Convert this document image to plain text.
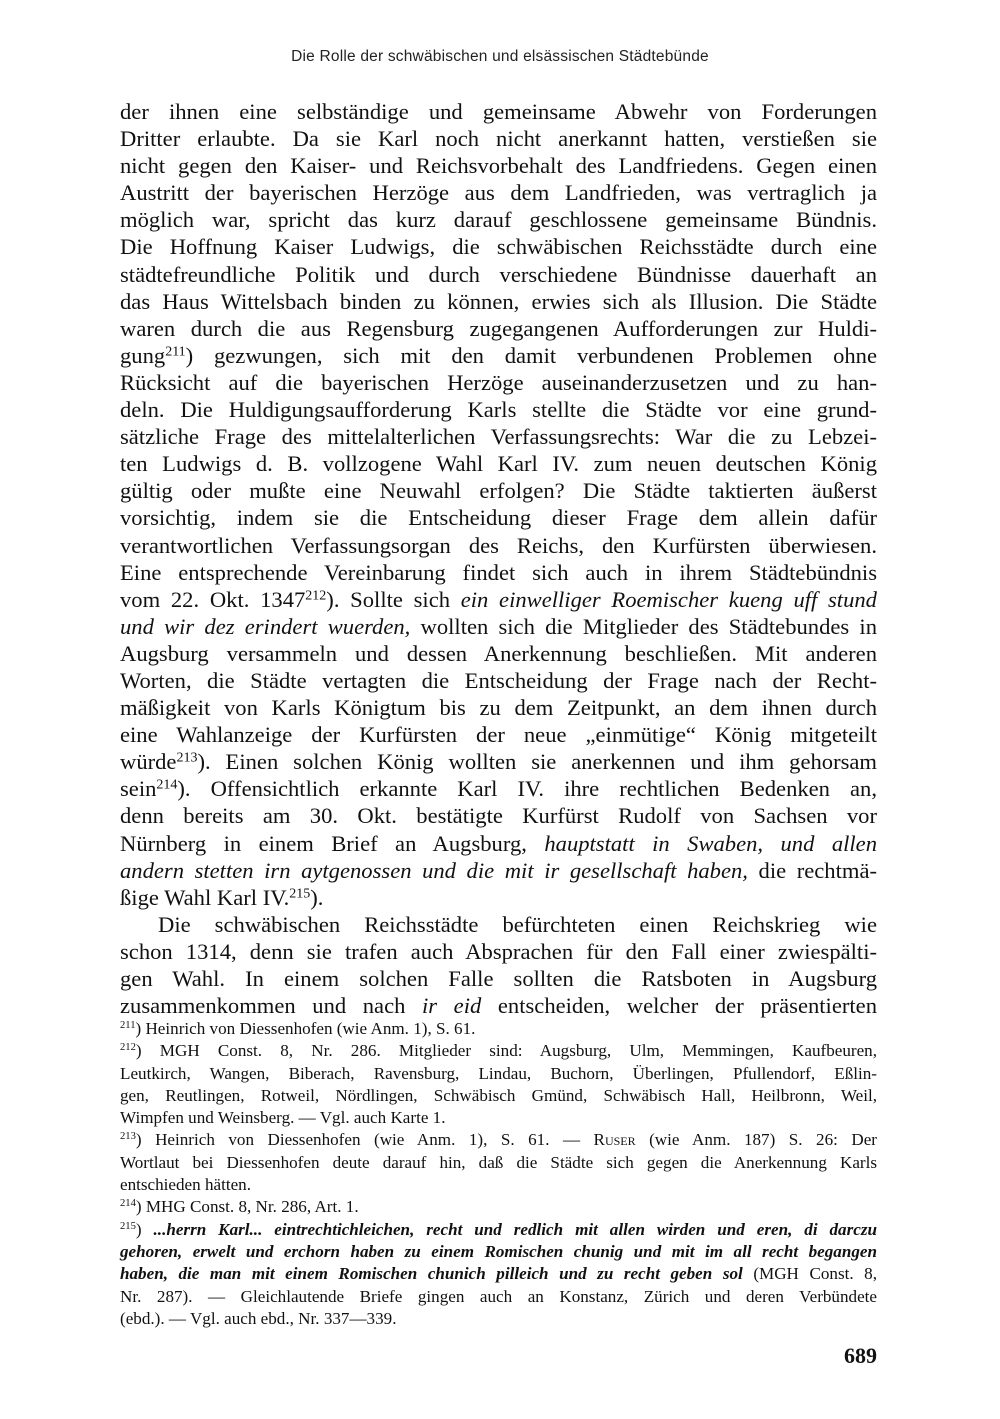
Die Rolle der schwäbischen und elsässischen Städtebünde
der ihnen eine selbständige und gemeinsame Abwehr von Forderungen
Dritter erlaubte. Da sie Karl noch nicht anerkannt hatten, verstießen sie
nicht gegen den Kaiser- und Reichsvorbehalt des Landfriedens. Gegen einen
Austritt der bayerischen Herzöge aus dem Landfrieden, was vertraglich ja
möglich war, spricht das kurz darauf geschlossene gemeinsame Bündnis.
Die Hoffnung Kaiser Ludwigs, die schwäbischen Reichsstädte durch eine
städtefreundliche Politik und durch verschiedene Bündnisse dauerhaft an
das Haus Wittelsbach binden zu können, erwies sich als Illusion. Die Städte
waren durch die aus Regensburg zugegangenen Aufforderungen zur Huldi-
gung$^{211}$) gezwungen, sich mit den damit verbundenen Problemen ohne
Rücksicht auf die bayerischen Herzöge auseinanderzusetzen und zu han-
deln. Die Huldigungsaufforderung Karls stellte die Städte vor eine grund-
sätzliche Frage des mittelalterlichen Verfassungsrechts: War die zu Lebzei-
ten Ludwigs d. B. vollzogene Wahl Karl IV. zum neuen deutschen König
gültig oder mußte eine Neuwahl erfolgen? Die Städte taktierten äußerst
vorsichtig, indem sie die Entscheidung dieser Frage dem allein dafür
verantwortlichen Verfassungsorgan des Reichs, den Kurfürsten überwiesen.
Eine entsprechende Vereinbarung findet sich auch in ihrem Städtebündnis
vom 22. Okt. 1347$^{212}$). Sollte sich ein einwelliger Roemischer kueng uff stund
und wir dez erindert wuerden, wollten sich die Mitglieder des Städtebundes in
Augsburg versammeln und dessen Anerkennung beschließen. Mit anderen
Worten, die Städte vertagten die Entscheidung der Frage nach der Recht-
mäßigkeit von Karls Königtum bis zu dem Zeitpunkt, an dem ihnen durch
eine Wahlanzeige der Kurfürsten der neue „einmütige“ König mitgeteilt
würde$^{213}$). Einen solchen König wollten sie anerkennen und ihm gehorsam
sein$^{214}$). Offensichtlich erkannte Karl IV. ihre rechtlichen Bedenken an,
denn bereits am 30. Okt. bestätigte Kurfürst Rudolf von Sachsen vor
Nürnberg in einem Brief an Augsburg, hauptstatt in Swaben, und allen
andern stetten irn aytgenossen und die mit ir gesellschaft haben, die rechtmä-
ßige Wahl Karl IV.$^{215}$).
Die schwäbischen Reichsstädte befürchteten einen Reichskrieg wie
schon 1314, denn sie trafen auch Absprachen für den Fall einer zwiespälti-
gen Wahl. In einem solchen Falle sollten die Ratsboten in Augsburg
zusammenkommen und nach ir eid entscheiden, welcher der präsentierten
$^{211}$) Heinrich von Diessenhofen (wie Anm. 1), S. 61.
$^{212}$) MGH Const. 8, Nr. 286. Mitglieder sind: Augsburg, Ulm, Memmingen, Kaufbeuren,
Leutkirch, Wangen, Biberach, Ravensburg, Lindau, Buchorn, Überlingen, Pfullendorf, Eßlin-
gen, Reutlingen, Rotweil, Nördlingen, Schwäbisch Gmünd, Schwäbisch Hall, Heilbronn, Weil,
Wimpfen und Weinsberg. — Vgl. auch Karte 1.
$^{213}$) Heinrich von Diessenhofen (wie Anm. 1), S. 61. — Ruser (wie Anm. 187) S. 26: Der
Wortlaut bei Diessenhofen deute darauf hin, daß die Städte sich gegen die Anerkennung Karls
entschieden hätten.
$^{214}$) MHG Const. 8, Nr. 286, Art. 1.
$^{215}$) ...herrn Karl... eintrechtichleichen, recht und redlich mit allen wirden und eren, di darczu
gehoren, erwelt und erchorn haben zu einem Romischen chunig und mit im all recht begangen
haben, die man mit einem Romischen chunich pilleich und zu recht geben sol (MGH Const. 8,
Nr. 287). — Gleichlautende Briefe gingen auch an Konstanz, Zürich und deren Verbündete
(ebd.). — Vgl. auch ebd., Nr. 337—339.
689
